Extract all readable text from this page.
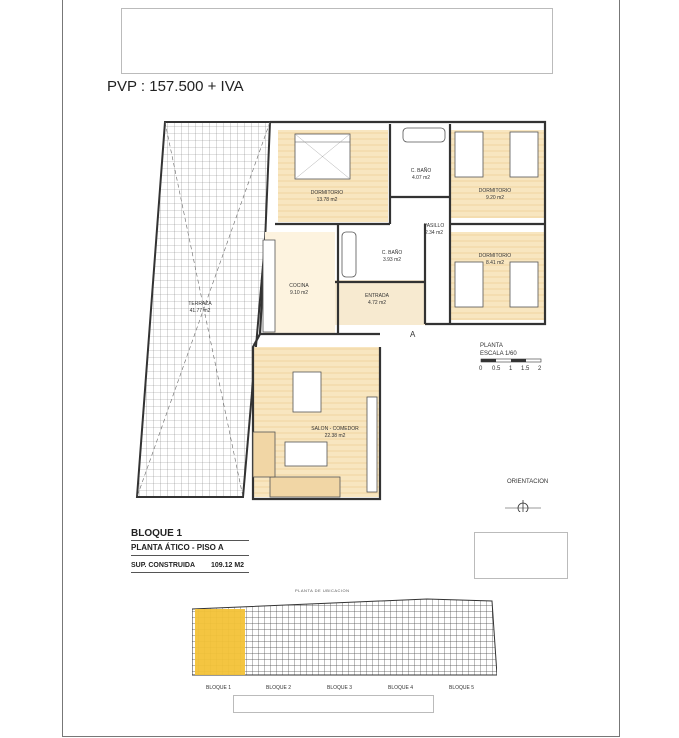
PVP : 157.500 + IVA
DORMITORIO
13.78 m2
C. BAÑO
4.07 m2
DORMITORIO
9.20 m2
PASILLO
2.34 m2
C. BAÑO
3.93 m2
DORMITORIO
8.41 m2
COCINA
9.10 m2	ENTRADA
4.72 m2
TERRAZA
41.77 m2
SALON - COMEDOR
22.38 m2
A
PLANTA
ESCALA 1/60
0 0.5 1 1.5 2
ORIENTACION
BLOQUE 1
PLANTA ÁTICO - PISO A
SUP. CONSTRUIDA 109.12 M2
PLANTA DE UBICACION
BLOQUE 1	BLOQUE 2	BLOQUE 3	BLOQUE 4	BLOQUE 5
